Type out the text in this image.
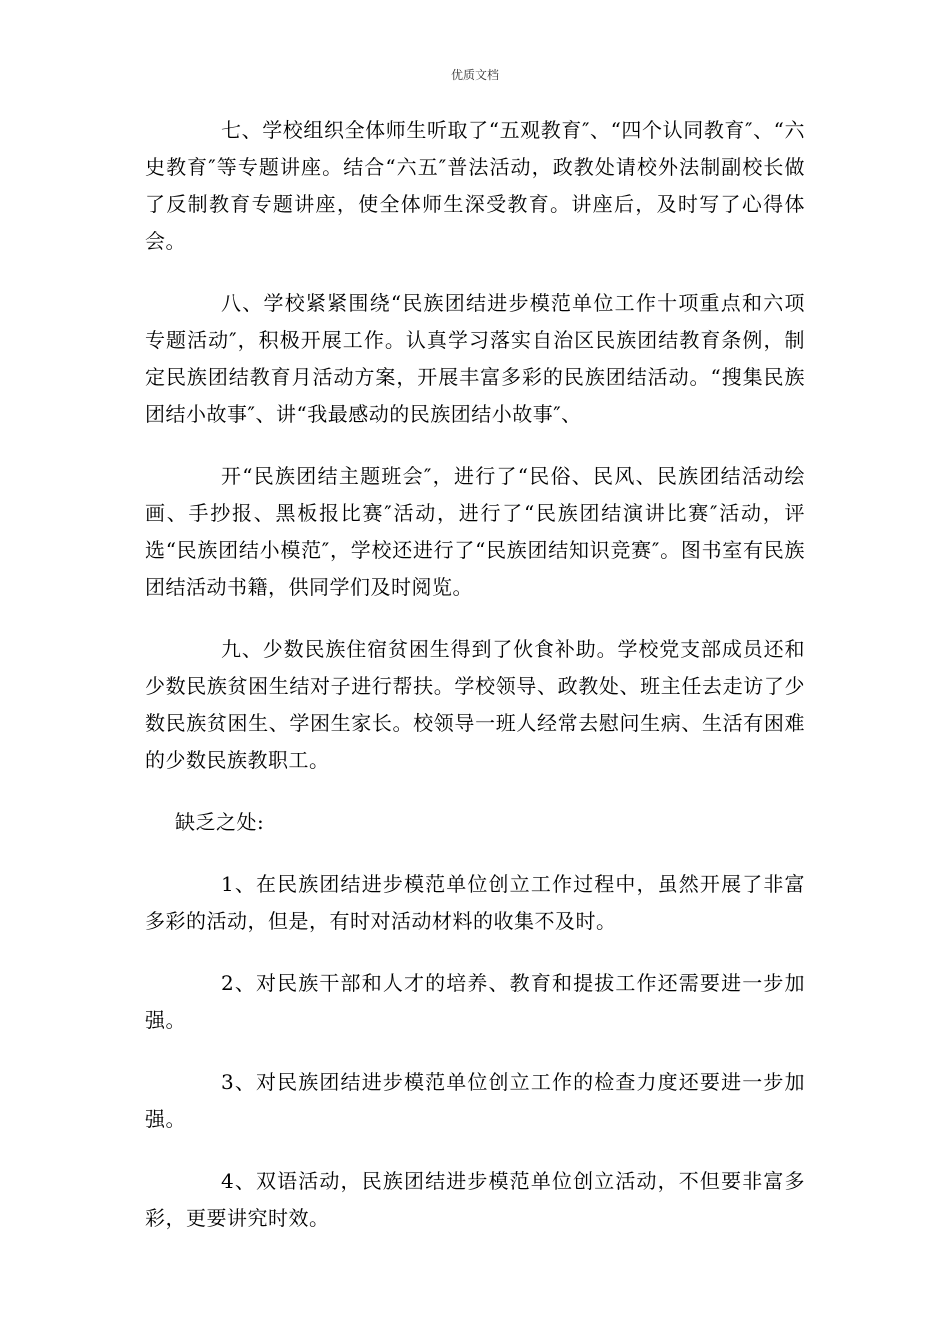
优质文档

七、学校组织全体师生听取了“五观教育″、“四个认同教育″、“六史教育″等专题讲座。结合“六五″普法活动，政教处请校外法制副校长做了反制教育专题讲座，使全体师生深受教育。讲座后，及时写了心得体会。

八、学校紧紧围绕“民族团结进步模范单位工作十项重点和六项专题活动″，积极开展工作。认真学习落实自治区民族团结教育条例，制定民族团结教育月活动方案，开展丰富多彩的民族团结活动。“搜集民族团结小故事″、讲“我最感动的民族团结小故事″、

开“民族团结主题班会″，进行了“民俗、民风、民族团结活动绘画、手抄报、黑板报比赛″活动，进行了“民族团结演讲比赛″活动，评选“民族团结小模范″，学校还进行了“民族团结知识竞赛″。图书室有民族团结活动书籍，供同学们及时阅览。

九、少数民族住宿贫困生得到了伙食补助。学校党支部成员还和少数民族贫困生结对子进行帮扶。学校领导、政教处、班主任去走访了少数民族贫困生、学困生家长。校领导一班人经常去慰问生病、生活有困难的少数民族教职工。

缺乏之处:

1、在民族团结进步模范单位创立工作过程中，虽然开展了非富多彩的活动，但是，有时对活动材料的收集不及时。

2、对民族干部和人才的培养、教育和提拔工作还需要进一步加强。

3、对民族团结进步模范单位创立工作的检查力度还要进一步加强。

4、双语活动，民族团结进步模范单位创立活动，不但要非富多彩，更要讲究时效。
